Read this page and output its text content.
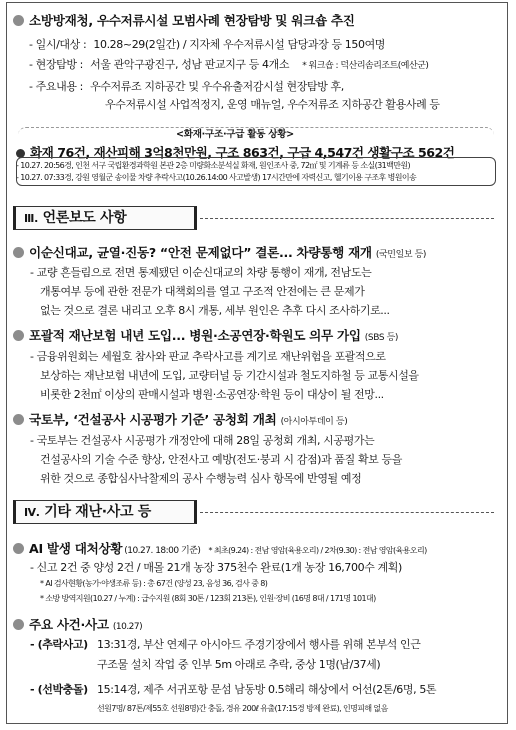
소방방재청, 우수저류시설 모범사례 현장탐방 및 워크숍 추진
- 일시/대상 : 10.28~29(2일간) / 지자체 우수저류시설 담당과장 등 150여명
- 현장탐방 : 서울 관악구광진구, 성남 판교지구 등 4개소 * 워크숍 : 덕산리솜리조트(예산군)
- 주요내용 : 우수저류조 지하공간 및 우수유출저감시설 현장탐방 후,
우수저류시설 사업적정지, 운영 매뉴얼, 우수저류조 지하공간 활용사례 등
<화재·구조·구급 활동 상황>
화재 76건, 재산피해 3억8천만원, 구조 863건, 구급 4,547건 생활구조 562건
- 10.27. 20:56경, 인천 서구 국립환경과학원 본관 2층 미량화소분석실 화재, 원인조사 중, 72㎡ 및 기계류 등 소실(31백만원)
- 10.27. 07:33경, 강원 영월군 송이물 차량 추락사고(10.26.14:00 사고발생) 17시간만에 자력신고, 헬기이용 구조후 병원이송
Ⅲ. 언론보도 사항
이순신대교, 균열·진동? “안전 문제없다” 결론... 차량통행 재개 (국민일보 등)
- 교량 흔들림으로 전면 통제됐던 이순신대교의 차량 통행이 재개, 전남도는
개통여부 등에 관한 전문가 대책회의를 열고 구조적 안전에는 큰 문제가
없는 것으로 결론 내리고 오후 8시 개통, 세부 원인은 추후 다시 조사하기로...
포괄적 재난보험 내년 도입... 병원·소공연장·학원도 의무 가입 (SBS 등)
- 금융위원회는 세월호 참사와 판교 추락사고를 계기로 재난위험을 포괄적으로
보상하는 재난보험 내년에 도입, 교량터널 등 기간시설과 철도지하철 등 교통시설을
비롯한 2천㎡ 이상의 판매시설과 병원·소공연장·학원 등이 대상이 될 전망...
국토부, ‘건설공사 시공평가 기준’ 공청회 개최 (아시아투데이 등)
- 국토부는 건설공사 시공평가 개정안에 대해 28일 공청회 개최, 시공평가는
건설공사의 기술 수준 향상, 안전사고 예방(전도·붕괴 시 감점)과 품질 확보 등을
위한 것으로 종합심사낙찰제의 공사 수행능력 심사 항목에 반영될 예정
Ⅳ. 기타 재난·사고 등
AI 발생 대처상황 (10.27. 18:00 기준) * 최초(9.24) : 전남 영암(육용오리) / 2차(9.30) : 전남 영암(육용오리)
- 신고 2건 중 양성 2건 / 매몰 21개 농장 375천수 완료(1개 농장 16,700수 계획)
* AI 검사현황(농가·야생조류 등) : 총 67건 (양성 23, 음성 36, 검사 중 8)
* 소방 방역지원(10.27 / 누계) : 급수지원 (8회 30톤 / 123회 213톤), 인원·장비 (16명 8대 / 171명 101대)
주요 사건·사고 (10.27)
- (추락사고) 13:31경, 부산 연제구 아시아드 주경기장에서 행사를 위해 본부석 인근
구조물 설치 작업 중 인부 5m 아래로 추락, 중상 1명(남/37세)
- (선박충돌) 15:14경, 제주 서귀포항 문섬 남동방 0.5해리 해상에서 어선(2톤/6명, 5톤
선원7명/ 87톤/제55호 선원8명)간 충돌, 경유 200ℓ 유출(17:15경 방제 완료), 인명피해 없음
